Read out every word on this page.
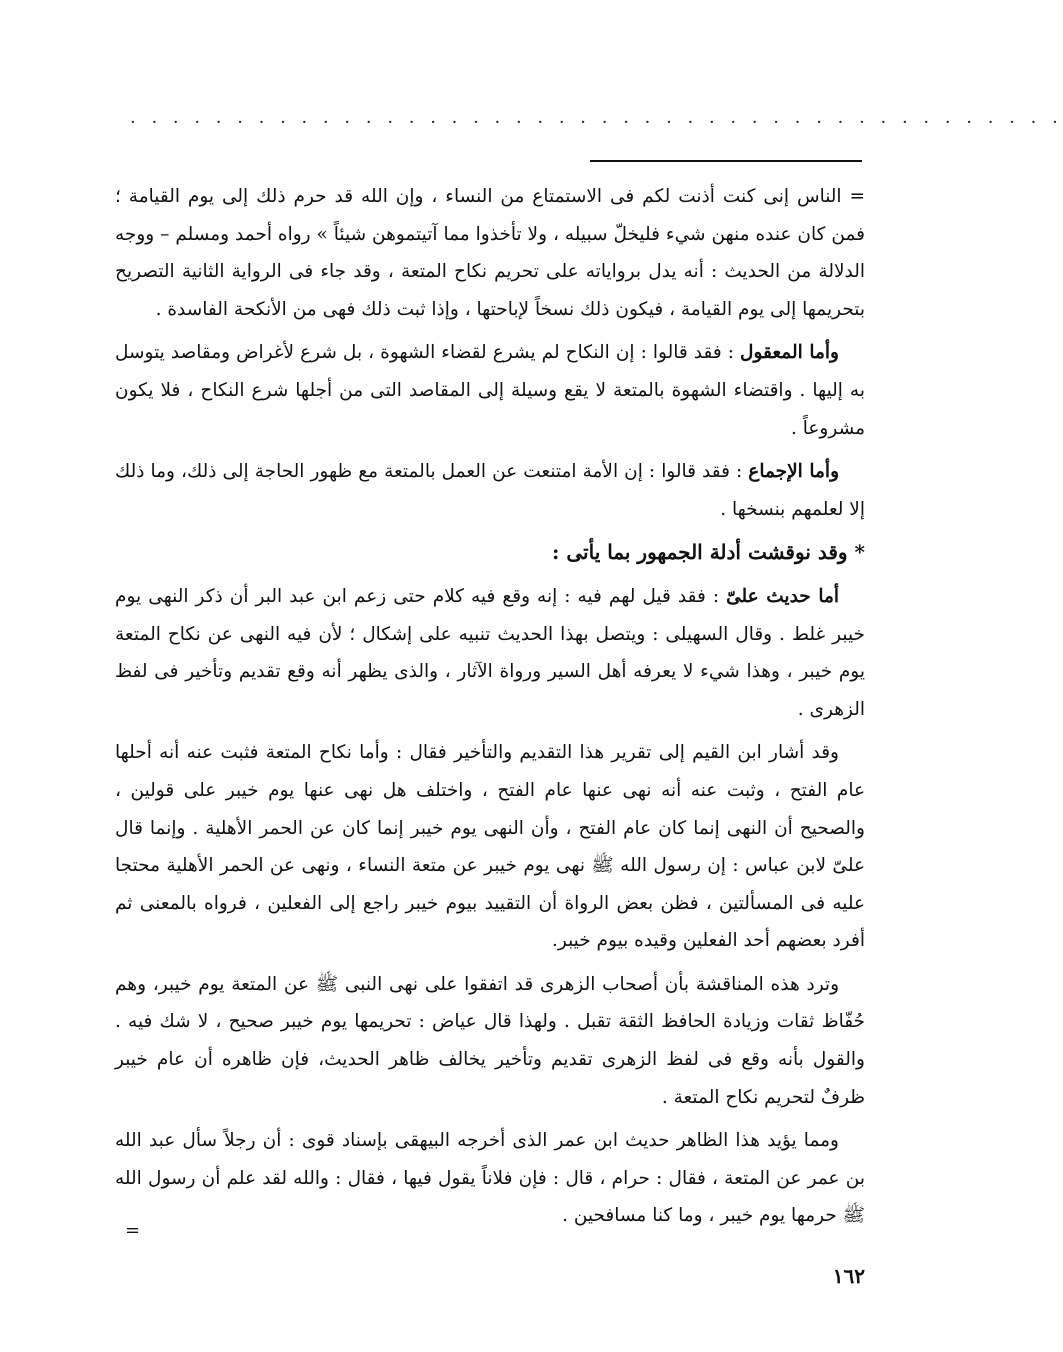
· · · · · · · · · · · · · · · · · · · · · · · · · · · · · · · · · · · · · · · · · · · ·

= الناس إنى كنت أذنت لكم فى الاستمتاع من النساء ، وإن الله قد حرم ذلك إلى يوم القيامة ؛ فمن كان عنده منهن شيء فليخلّ سبيله ، ولا تأخذوا مما آتيتموهن شيئاً » رواه أحمد ومسلم – ووجه الدلالة من الحديث : أنه يدل برواياته على تحريم نكاح المتعة ، وقد جاء فى الرواية الثانية التصريح بتحريمها إلى يوم القيامة ، فيكون ذلك نسخاً لإباحتها ، وإذا ثبت ذلك فهى من الأنكحة الفاسدة .

وأما المعقول : فقد قالوا : إن النكاح لم يشرع لقضاء الشهوة ، بل شرع لأغراض ومقاصد يتوسل به إليها . واقتضاء الشهوة بالمتعة لا يقع وسيلة إلى المقاصد التى من أجلها شرع النكاح ، فلا يكون مشروعاً .

وأما الإجماع : فقد قالوا : إن الأمة امتنعت عن العمل بالمتعة مع ظهور الحاجة إلى ذلك، وما ذلك إلا لعلمهم بنسخها .

* وقد نوقشت أدلة الجمهور بما يأتى :

أما حديث علىّ : فقد قيل لهم فيه : إنه وقع فيه كلام حتى زعم ابن عبد البر أن ذكر النهى يوم خيبر غلط . وقال السهيلى : ويتصل بهذا الحديث تنبيه على إشكال ؛ لأن فيه النهى عن نكاح المتعة يوم خيبر ، وهذا شيء لا يعرفه أهل السير ورواة الآثار ، والذى يظهر أنه وقع تقديم وتأخير فى لفظ الزهرى .

وقد أشار ابن القيم إلى تقرير هذا التقديم والتأخير فقال : وأما نكاح المتعة فثبت عنه أنه أحلها عام الفتح ، وثبت عنه أنه نهى عنها عام الفتح ، واختلف هل نهى عنها يوم خيبر على قولين ، والصحيح أن النهى إنما كان عام الفتح ، وأن النهى يوم خيبر إنما كان عن الحمر الأهلية . وإنما قال علىّ لابن عباس : إن رسول الله ﷺ نهى يوم خيبر عن متعة النساء ، ونهى عن الحمر الأهلية محتجا عليه فى المسألتين ، فظن بعض الرواة أن التقييد بيوم خيبر راجع إلى الفعلين ، فرواه بالمعنى ثم أفرد بعضهم أحد الفعلين وقيده بيوم خيبر.

وترد هذه المناقشة بأن أصحاب الزهرى قد اتفقوا على نهى النبى ﷺ عن المتعة يوم خيبر، وهم حُفّاظ ثقات وزيادة الحافظ الثقة تقبل . ولهذا قال عياض : تحريمها يوم خيبر صحيح ، لا شك فيه . والقول بأنه وقع فى لفظ الزهرى تقديم وتأخير يخالف ظاهر الحديث، فإن ظاهره أن عام خيبر ظرفٌ لتحريم نكاح المتعة .

ومما يؤيد هذا الظاهر حديث ابن عمر الذى أخرجه البيهقى بإسناد قوى : أن رجلاً سأل عبد الله بن عمر عن المتعة ، فقال : حرام ، قال : فإن فلاناً يقول فيها ، فقال : والله لقد علم أن رسول الله ﷺ حرمها يوم خيبر ، وما كنا مسافحين .

=
١٦٢
